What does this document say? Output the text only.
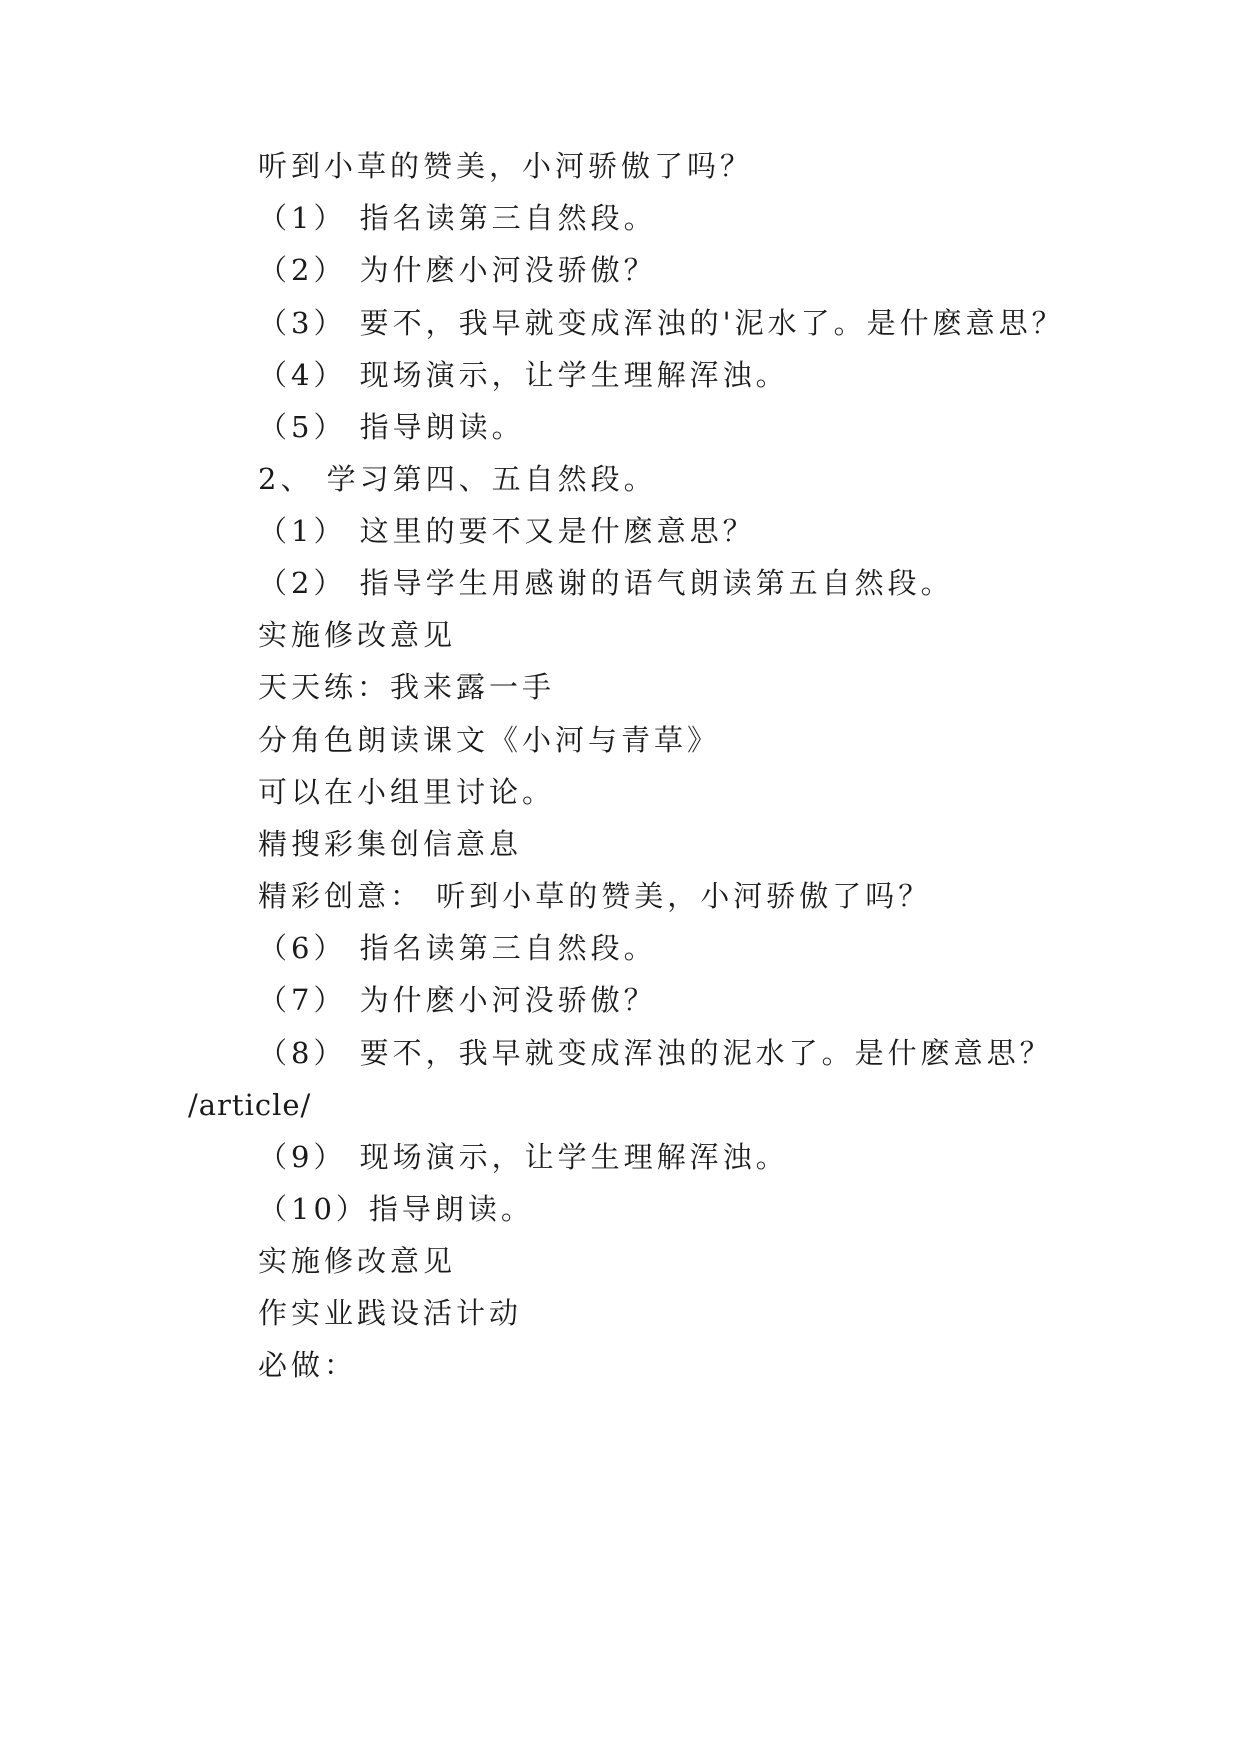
听到小草的赞美，小河骄傲了吗？
（1） 指名读第三自然段。
（2） 为什麽小河没骄傲？
（3） 要不，我早就变成浑浊的'泥水了。是什麽意思？
（4） 现场演示，让学生理解浑浊。
（5） 指导朗读。
2、 学习第四、五自然段。
（1） 这里的要不又是什麽意思？
（2） 指导学生用感谢的语气朗读第五自然段。
实施修改意见
天天练：我来露一手
分角色朗读课文《小河与青草》
可以在小组里讨论。
精搜彩集创信意息
精彩创意： 听到小草的赞美，小河骄傲了吗？
（6） 指名读第三自然段。
（7） 为什麽小河没骄傲？
（8） 要不，我早就变成浑浊的泥水了。是什麽意思？
/article/
（9） 现场演示，让学生理解浑浊。
（10）指导朗读。
实施修改意见
作实业践设活计动
必做：
